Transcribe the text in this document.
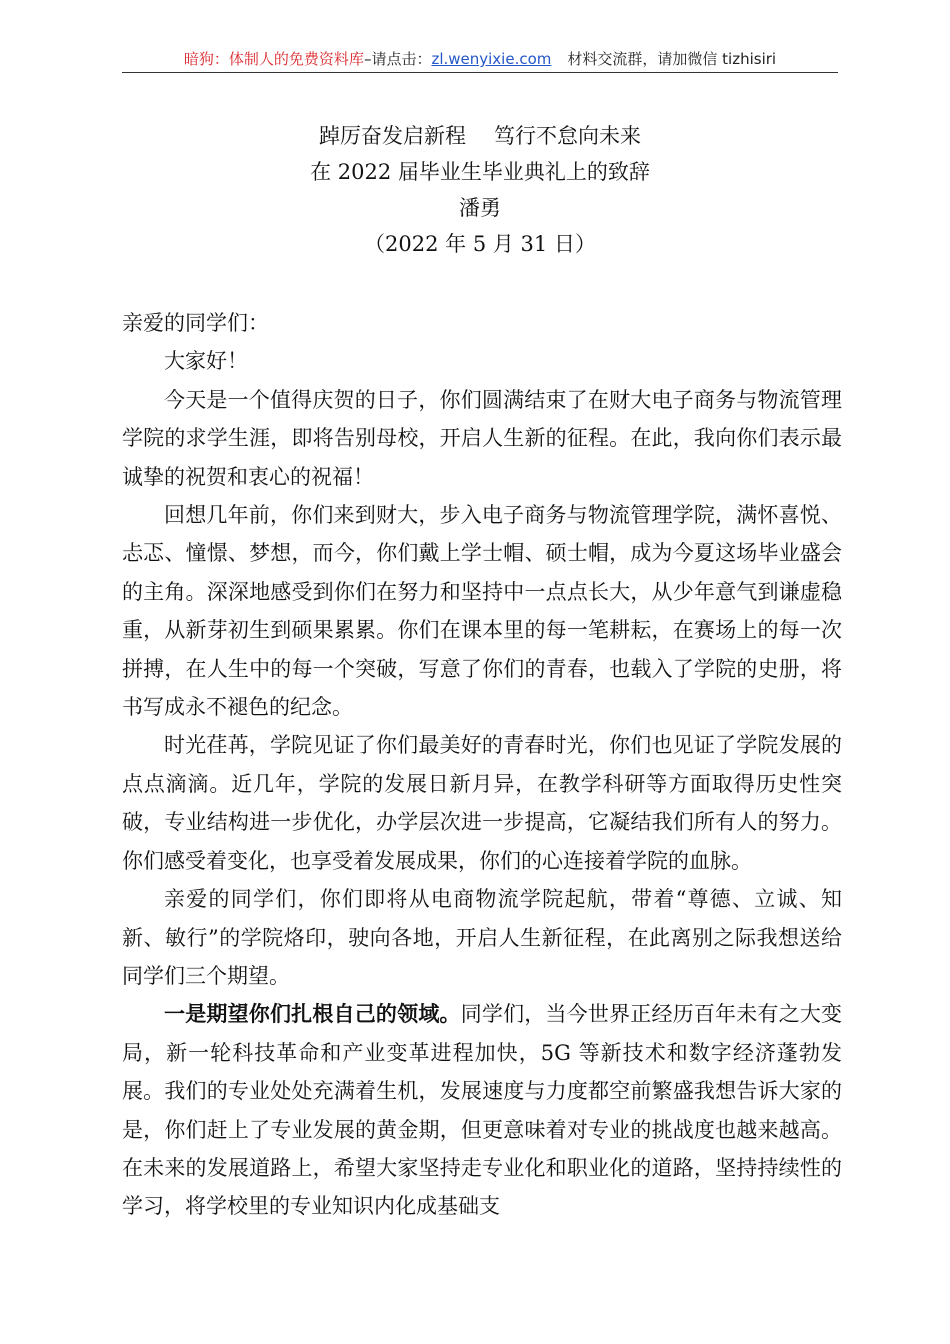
暗狗：体制人的免费资料库–请点击：zl.wenyixie.com 材料交流群，请加微信 tizhisiri
踔厉奋发启新程 笃行不怠向未来
在 2022 届毕业生毕业典礼上的致辞
潘勇
（2022 年 5 月 31 日）

亲爱的同学们：

大家好！

今天是一个值得庆贺的日子，你们圆满结束了在财大电子商务与物流管理学院的求学生涯，即将告别母校，开启人生新的征程。在此，我向你们表示最诚挚的祝贺和衷心的祝福！

回想几年前，你们来到财大，步入电子商务与物流管理学院，满怀喜悦、忐忑、憧憬、梦想，而今，你们戴上学士帽、硕士帽，成为今夏这场毕业盛会的主角。深深地感受到你们在努力和坚持中一点点长大，从少年意气到谦虚稳重，从新芽初生到硕果累累。你们在课本里的每一笔耕耘，在赛场上的每一次拼搏，在人生中的每一个突破，写意了你们的青春，也载入了学院的史册，将书写成永不褪色的纪念。

时光荏苒，学院见证了你们最美好的青春时光，你们也见证了学院发展的点点滴滴。近几年，学院的发展日新月异，在教学科研等方面取得历史性突破，专业结构进一步优化，办学层次进一步提高，它凝结我们所有人的努力。你们感受着变化，也享受着发展成果，你们的心连接着学院的血脉。

亲爱的同学们，你们即将从电商物流学院起航，带着“尊德、立诚、知新、敏行”的学院烙印，驶向各地，开启人生新征程，在此离别之际我想送给同学们三个期望。

一是期望你们扎根自己的领域。同学们，当今世界正经历百年未有之大变局，新一轮科技革命和产业变革进程加快，5G 等新技术和数字经济蓬勃发展。我们的专业处处充满着生机，发展速度与力度都空前繁盛我想告诉大家的是，你们赶上了专业发展的黄金期，但更意味着对专业的挑战度也越来越高。在未来的发展道路上，希望大家坚持走专业化和职业化的道路，坚持持续性的学习，将学校里的专业知识内化成基础支
